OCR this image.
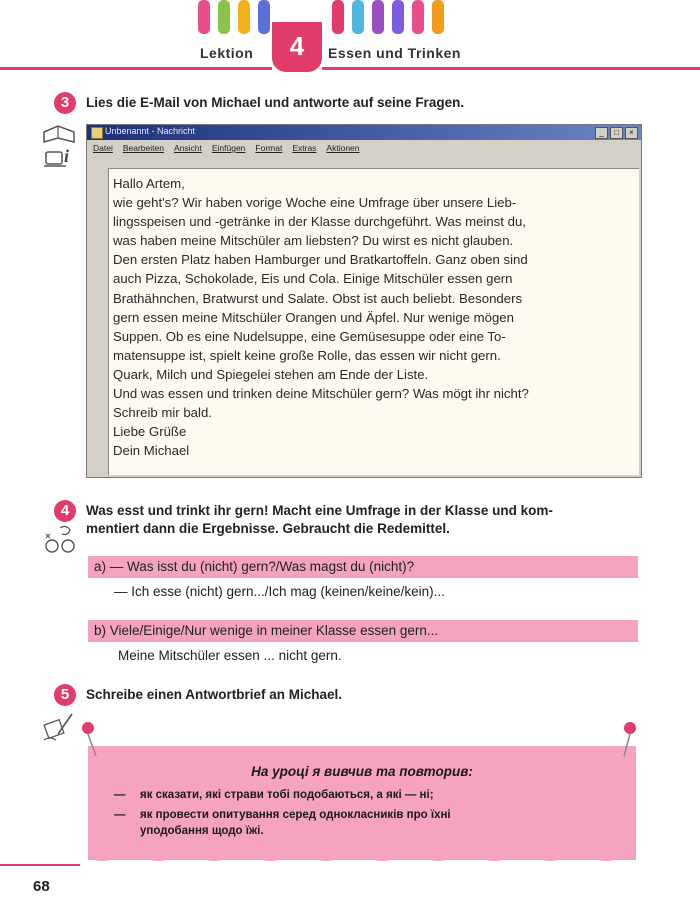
Lektion	4	Essen und Trinken
3	Lies die E-Mail von Michael und antworte auf seine Fragen.
i
Unbenannt - Nachricht	_	□	×
Datei Bearbeiten Ansicht Einfügen Format Extras Aktionen
Hallo Artem,
wie geht's? Wir haben vorige Woche eine Umfrage über unsere Lieb-
lingsspeisen und -getränke in der Klasse durchgeführt. Was meinst du,
was haben meine Mitschüler am liebsten? Du wirst es nicht glauben.
Den ersten Platz haben Hamburger und Bratkartoffeln. Ganz oben sind
auch Pizza, Schokolade, Eis und Cola. Einige Mitschüler essen gern
Brathähnchen, Bratwurst und Salate. Obst ist auch beliebt. Besonders
gern essen meine Mitschüler Orangen und Äpfel. Nur wenige mögen
Suppen. Ob es eine Nudelsuppe, eine Gemüsesuppe oder eine To-
matensuppe ist, spielt keine große Rolle, das essen wir nicht gern.
Quark, Milch und Spiegelei stehen am Ende der Liste.
Und was essen und trinken deine Mitschüler gern? Was mögt ihr nicht?
Schreib mir bald.
Liebe Grüße
Dein Michael
4	Was esst und trinkt ihr gern! Macht eine Umfrage in der Klasse und kom-
mentiert dann die Ergebnisse. Gebraucht die Redemittel.
a) — Was isst du (nicht) gern?/Was magst du (nicht)?
— Ich esse (nicht) gern.../Ich mag (keinen/keine/kein)...
b) Viele/Einige/Nur wenige in meiner Klasse essen gern...
Meine Mitschüler essen ... nicht gern.
5	Schreibe einen Antwortbrief an Michael.
На уроці я вивчив та повторив:
— як сказати, які страви тобі подобаються, а які — ні;
— як провести опитування серед однокласників про їхні
уподобання щодо їжі.
68
